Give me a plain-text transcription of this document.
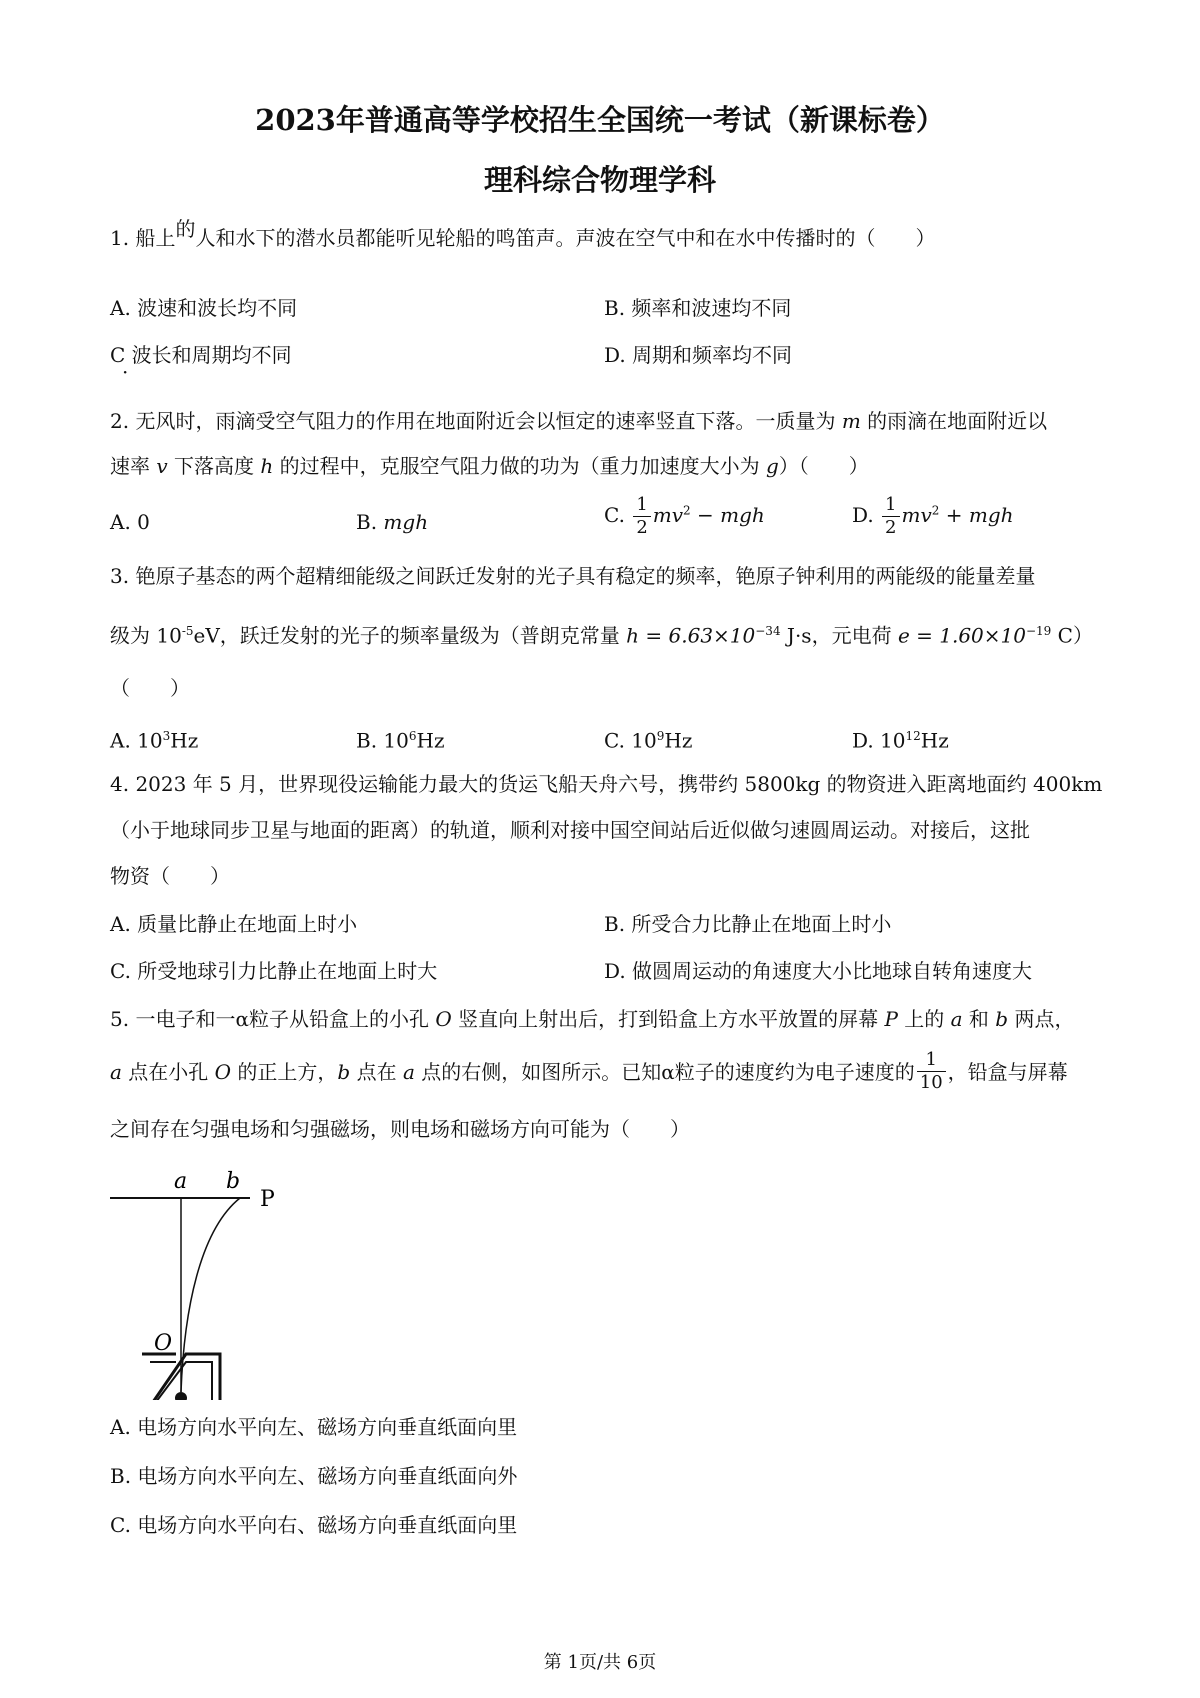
2023年普通高等学校招生全国统一考试（新课标卷）
理科综合物理学科
1. 船上的人和水下的潜水员都能听见轮船的鸣笛声。声波在空气中和在水中传播时的（　　）
A. 波速和波长均不同	B. 频率和波速均不同
C 波长和周期均不同
·
D. 周期和频率均不同
2. 无风时，雨滴受空气阻力的作用在地面附近会以恒定的速率竖直下落。一质量为 m 的雨滴在地面附近以
速率 v 下落高度 h 的过程中，克服空气阻力做的功为（重力加速度大小为 g）（　　）
A. 0	B. mgh	C. $\frac{1}{2} mv^2$ − mgh	D. $\frac{1}{2} mv^2$ + mgh
3. 铯原子基态的两个超精细能级之间跃迁发射的光子具有稳定的频率，铯原子钟利用的两能级的能量差量
级为 $10^{-5}eV$，跃迁发射的光子的频率量级为（普朗克常量 $h = 6.63\times 10^{-34}$ J·s，元电荷 $e = 1.60\times 10^{-19}$ C）
（　　）
A. $10^3Hz$	B. $10^6Hz$	C. $10^9Hz$	D. $10^{12}Hz$
4. 2023 年 5 月，世界现役运输能力最大的货运飞船天舟六号，携带约 5800kg 的物资进入距离地面约 400km
（小于地球同步卫星与地面的距离）的轨道，顺利对接中国空间站后近似做匀速圆周运动。对接后，这批
物资（　　）
A. 质量比静止在地面上时小	B. 所受合力比静止在地面上时小
C. 所受地球引力比静止在地面上时大	D. 做圆周运动的角速度大小比地球自转角速度大
5. 一电子和一α粒子从铅盒上的小孔 O 竖直向上射出后，打到铅盒上方水平放置的屏幕 P 上的 a 和 b 两点，
a 点在小孔 O 的正上方，b 点在 a 点的右侧，如图所示。已知α粒子的速度约为电子速度的 $\frac{1}{10}$ ，铅盒与屏幕
之间存在匀强电场和匀强磁场，则电场和磁场方向可能为（　　）
a b
P
O
A. 电场方向水平向左、磁场方向垂直纸面向里
B. 电场方向水平向左、磁场方向垂直纸面向外
C. 电场方向水平向右、磁场方向垂直纸面向里
第 1页/共 6页
